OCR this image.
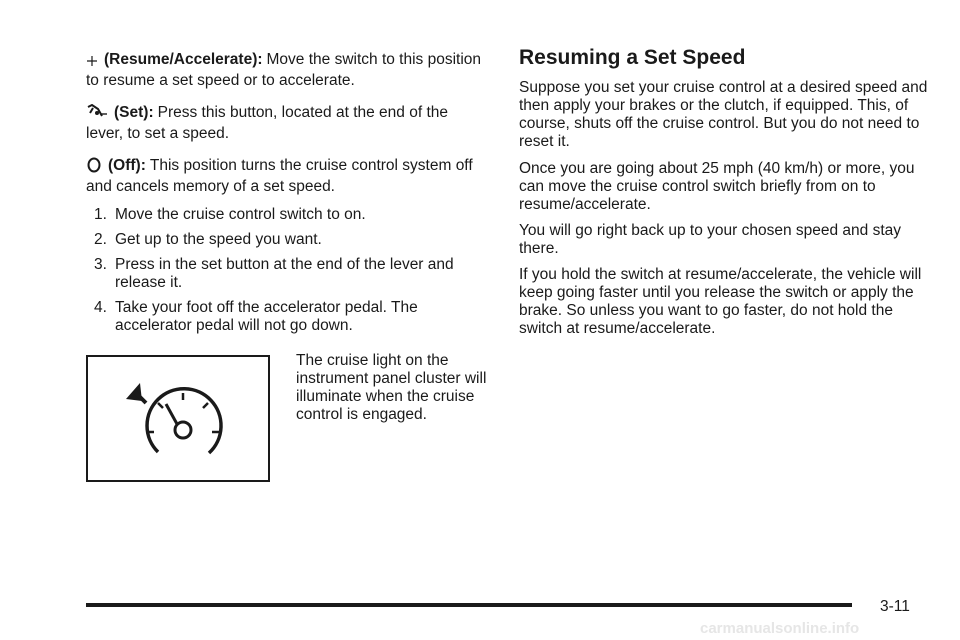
(Resume/Accelerate): Move the switch to this position to resume a set speed or to accelerate.

(Set): Press this button, located at the end of the lever, to set a speed.

(Off): This position turns the cruise control system off and cancels memory of a set speed.

1. Move the cruise control switch to on.
2. Get up to the speed you want.
3. Press in the set button at the end of the lever and release it.
4. Take your foot off the accelerator pedal. The accelerator pedal will not go down.

The cruise light on the instrument panel cluster will illuminate when the cruise control is engaged.

Resuming a Set Speed

Suppose you set your cruise control at a desired speed and then apply your brakes or the clutch, if equipped. This, of course, shuts off the cruise control. But you do not need to reset it.

Once you are going about 25 mph (40 km/h) or more, you can move the cruise control switch briefly from on to resume/accelerate.

You will go right back up to your chosen speed and stay there.

If you hold the switch at resume/accelerate, the vehicle will keep going faster until you release the switch or apply the brake. So unless you want to go faster, do not hold the switch at resume/accelerate.

3-11
carmanualsonline.info
